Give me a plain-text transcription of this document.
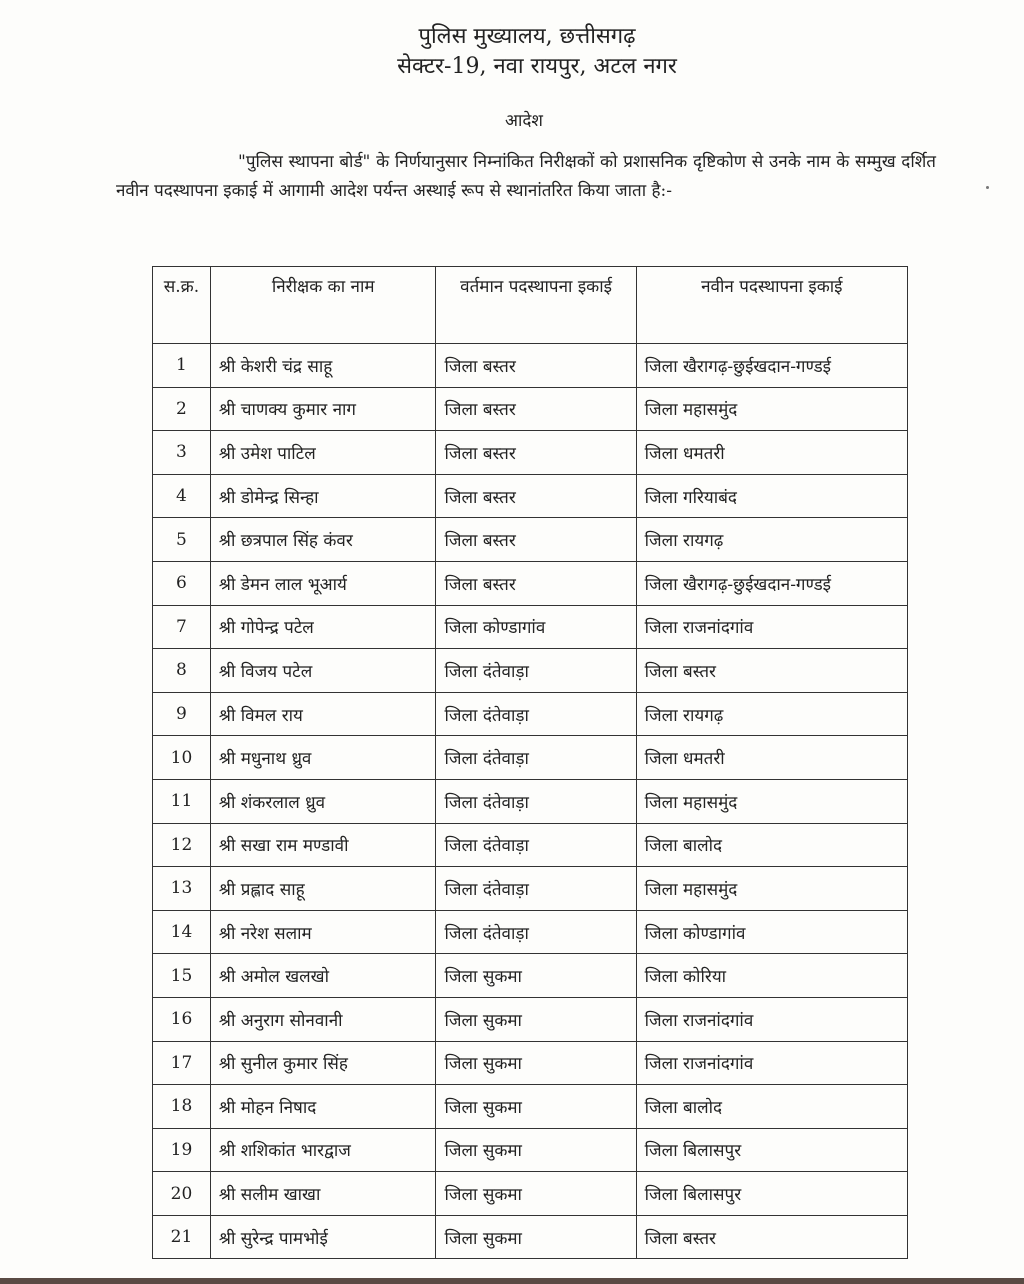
पुलिस मुख्यालय, छत्तीसगढ़
सेक्टर-19, नवा रायपुर, अटल नगर
आदेश
"पुलिस स्थापना बोर्ड" के निर्णयानुसार निम्नांकित निरीक्षकों को प्रशासनिक दृष्टिकोण से उनके नाम के सम्मुख दर्शित नवीन पदस्थापना इकाई में आगामी आदेश पर्यन्त अस्थाई रूप से स्थानांतरित किया जाता है:-
स.क्र.	निरीक्षक का नाम	वर्तमान पदस्थापना इकाई	नवीन पदस्थापना इकाई
1	श्री केशरी चंद्र साहू	जिला बस्तर	जिला खैरागढ़-छुईखदान-गण्डई
2	श्री चाणक्य कुमार नाग	जिला बस्तर	जिला महासमुंद
3	श्री उमेश पाटिल	जिला बस्तर	जिला धमतरी
4	श्री डोमेन्द्र सिन्हा	जिला बस्तर	जिला गरियाबंद
5	श्री छत्रपाल सिंह कंवर	जिला बस्तर	जिला रायगढ़
6	श्री डेमन लाल भूआर्य	जिला बस्तर	जिला खैरागढ़-छुईखदान-गण्डई
7	श्री गोपेन्द्र पटेल	जिला कोण्डागांव	जिला राजनांदगांव
8	श्री विजय पटेल	जिला दंतेवाड़ा	जिला बस्तर
9	श्री विमल राय	जिला दंतेवाड़ा	जिला रायगढ़
10	श्री मधुनाथ ध्रुव	जिला दंतेवाड़ा	जिला धमतरी
11	श्री शंकरलाल ध्रुव	जिला दंतेवाड़ा	जिला महासमुंद
12	श्री सखा राम मण्डावी	जिला दंतेवाड़ा	जिला बालोद
13	श्री प्रह्लाद साहू	जिला दंतेवाड़ा	जिला महासमुंद
14	श्री नरेश सलाम	जिला दंतेवाड़ा	जिला कोण्डागांव
15	श्री अमोल खलखो	जिला सुकमा	जिला कोरिया
16	श्री अनुराग सोनवानी	जिला सुकमा	जिला राजनांदगांव
17	श्री सुनील कुमार सिंह	जिला सुकमा	जिला राजनांदगांव
18	श्री मोहन निषाद	जिला सुकमा	जिला बालोद
19	श्री शशिकांत भारद्वाज	जिला सुकमा	जिला बिलासपुर
20	श्री सलीम खाखा	जिला सुकमा	जिला बिलासपुर
21	श्री सुरेन्द्र पामभोई	जिला सुकमा	जिला बस्तर
